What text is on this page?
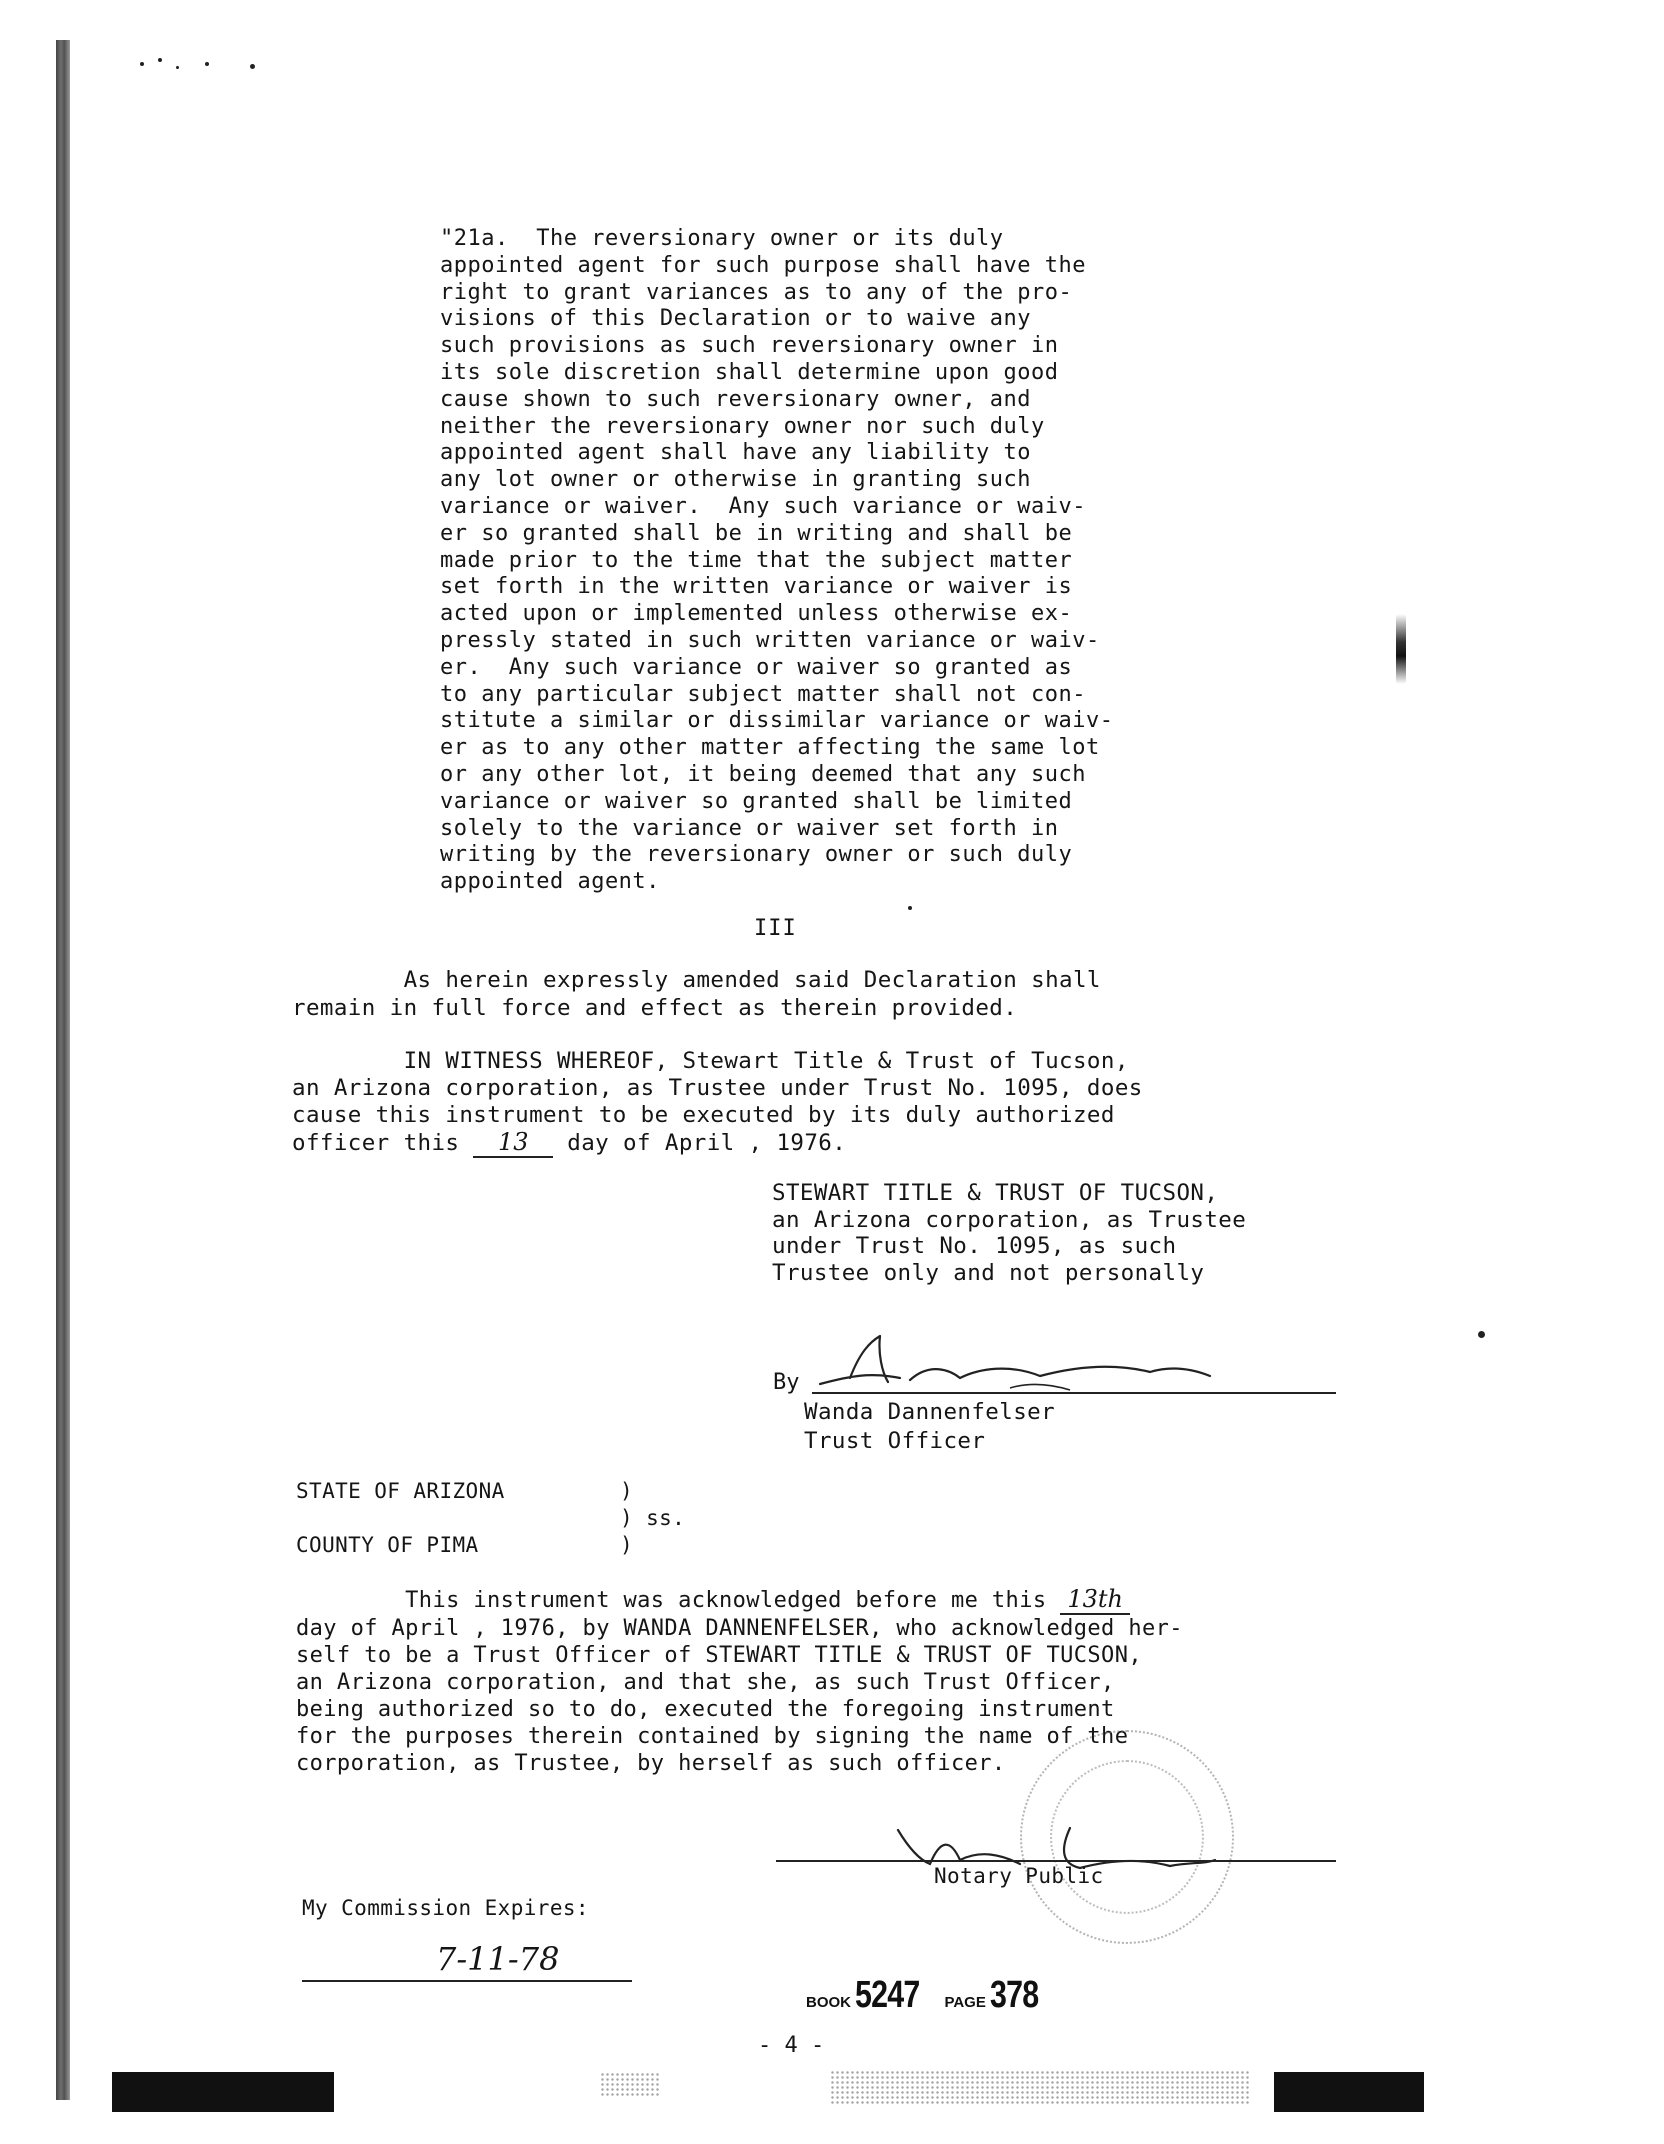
"21a.  The reversionary owner or its duly
appointed agent for such purpose shall have the
right to grant variances as to any of the pro-
visions of this Declaration or to waive any
such provisions as such reversionary owner in
its sole discretion shall determine upon good
cause shown to such reversionary owner, and
neither the reversionary owner nor such duly
appointed agent shall have any liability to
any lot owner or otherwise in granting such
variance or waiver.  Any such variance or waiv-
er so granted shall be in writing and shall be
made prior to the time that the subject matter
set forth in the written variance or waiver is
acted upon or implemented unless otherwise ex-
pressly stated in such written variance or waiv-
er.  Any such variance or waiver so granted as
to any particular subject matter shall not con-
stitute a similar or dissimilar variance or waiv-
er as to any other matter affecting the same lot
or any other lot, it being deemed that any such
variance or waiver so granted shall be limited
solely to the variance or waiver set forth in
writing by the reversionary owner or such duly
appointed agent.
III
As herein expressly amended said Declaration shall
remain in full force and effect as therein provided.
IN WITNESS WHEREOF, Stewart Title & Trust of Tucson,
an Arizona corporation, as Trustee under Trust No. 1095, does
cause this instrument to be executed by its duly authorized
officer this 13 day of April , 1976.
STEWART TITLE & TRUST OF TUCSON,
an Arizona corporation, as Trustee
under Trust No. 1095, as such
Trustee only and not personally
By
Wanda Dannenfelser
Trust Officer
STATE OF ARIZONA	)
) ss.
COUNTY OF PIMA	)
This instrument was acknowledged before me this 13th
day of April , 1976, by WANDA DANNENFELSER, who acknowledged her-
self to be a Trust Officer of STEWART TITLE & TRUST OF TUCSON,
an Arizona corporation, and that she, as such Trust Officer,
being authorized so to do, executed the foregoing instrument
for the purposes therein contained by signing the name of the
corporation, as Trustee, by herself as such officer.
Notary Public
My Commission Expires:
7-11-78
BOOK 5247 PAGE 378
- 4 -
